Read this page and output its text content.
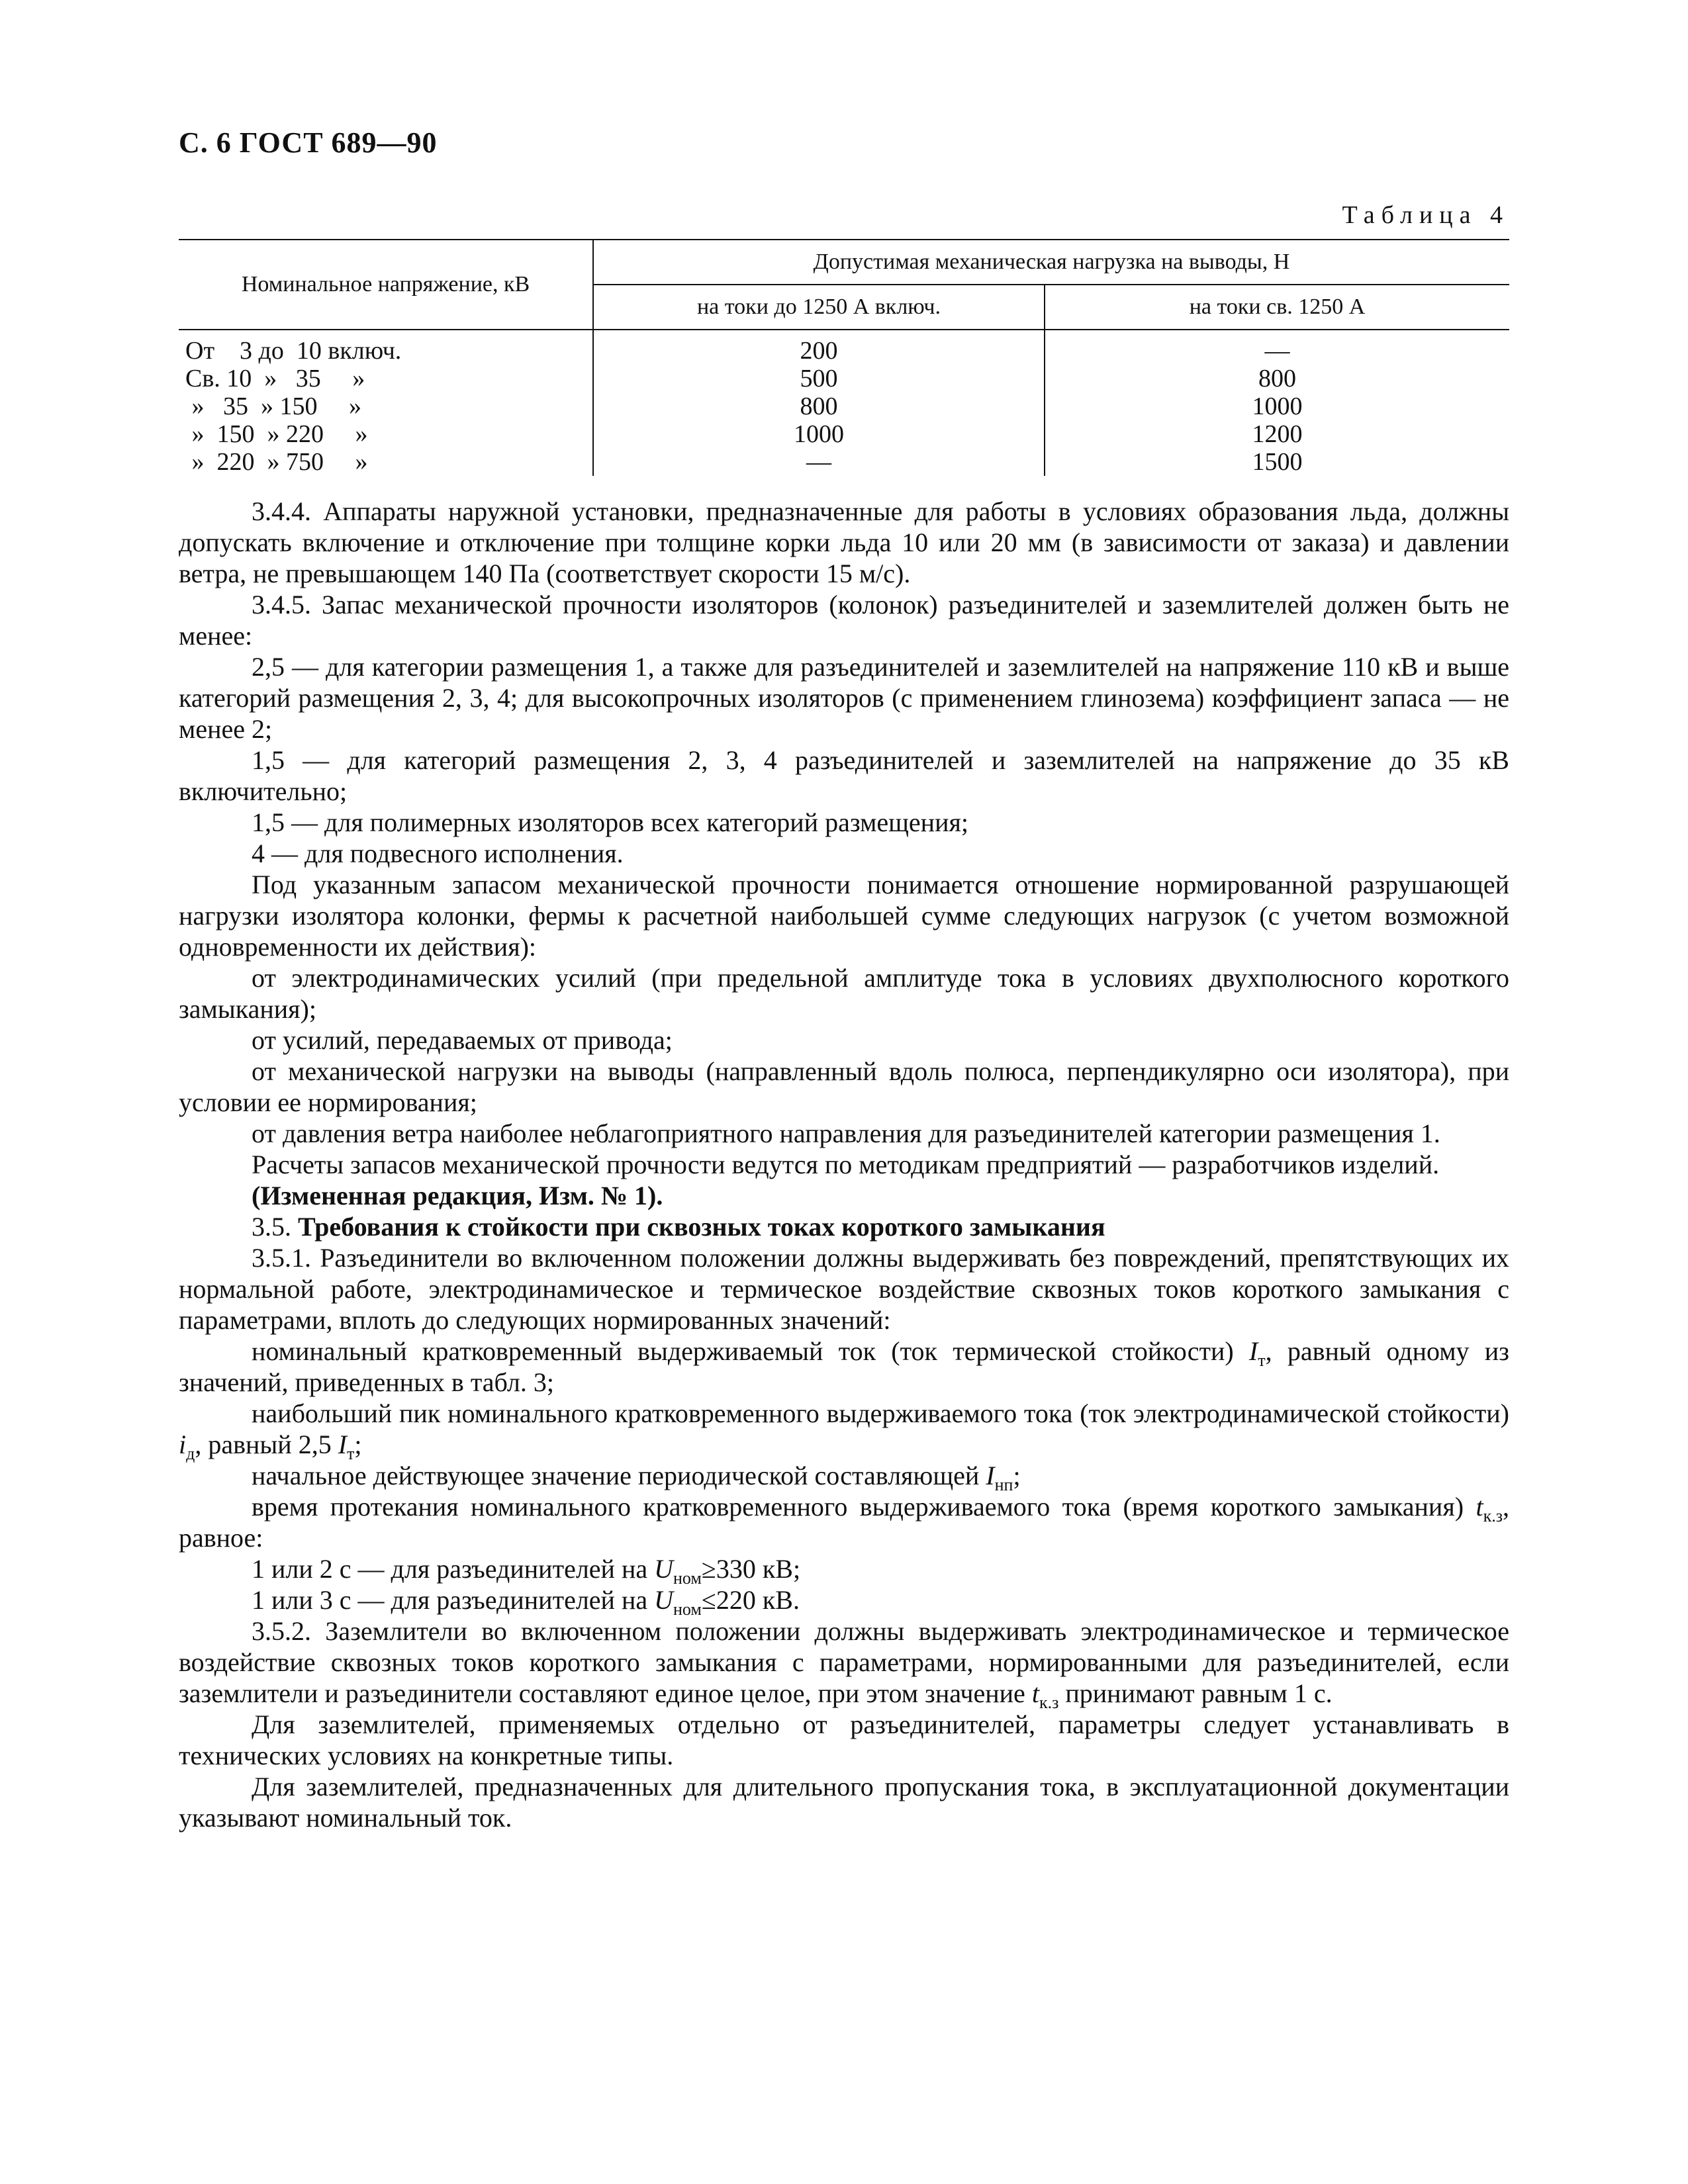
С. 6 ГОСТ 689—90
Таблица 4
Номинальное напряжение, кВ	Допустимая механическая нагрузка на выводы, Н	
	на токи до 1250 А включ.	на токи св. 1250 А
От    3 до  10 включ.	200	—
Св. 10  »   35     »	500	800
»   35  » 150     »	800	1000
»  150  » 220     »	1000	1200
»  220  » 750     »	—	1500

3.4.4. Аппараты наружной установки, предназначенные для работы в условиях образования льда, должны допускать включение и отключение при толщине корки льда 10 или 20 мм (в зависимости от заказа) и давлении ветра, не превышающем 140 Па (соответствует скорости 15 м/с).

3.4.5. Запас механической прочности изоляторов (колонок) разъединителей и заземлителей должен быть не менее:

2,5 — для категории размещения 1, а также для разъединителей и заземлителей на напряжение 110 кВ и выше категорий размещения 2, 3, 4; для высокопрочных изоляторов (с применением глинозема) коэффициент запаса — не менее 2;

1,5 — для категорий размещения 2, 3, 4 разъединителей и заземлителей на напряжение до 35 кВ включительно;

1,5 — для полимерных изоляторов всех категорий размещения;

4 — для подвесного исполнения.

Под указанным запасом механической прочности понимается отношение нормированной разрушающей нагрузки изолятора колонки, фермы к расчетной наибольшей сумме следующих нагрузок (с учетом возможной одновременности их действия):

от электродинамических усилий (при предельной амплитуде тока в условиях двухполюсного короткого замыкания);

от усилий, передаваемых от привода;

от механической нагрузки на выводы (направленный вдоль полюса, перпендикулярно оси изолятора), при условии ее нормирования;

от давления ветра наиболее неблагоприятного направления для разъединителей категории размещения 1.

Расчеты запасов механической прочности ведутся по методикам предприятий — разработчиков изделий.

(Измененная редакция, Изм. № 1).

3.5. Требования к стойкости при сквозных токах короткого замыкания

3.5.1. Разъединители во включенном положении должны выдерживать без повреждений, препятствующих их нормальной работе, электродинамическое и термическое воздействие сквозных токов короткого замыкания с параметрами, вплоть до следующих нормированных значений:

номинальный кратковременный выдерживаемый ток (ток термической стойкости) $I_т$, равный одному из значений, приведенных в табл. 3;

наибольший пик номинального кратковременного выдерживаемого тока (ток электродинамической стойкости) $i_д$, равный 2,5 $I_т$;

начальное действующее значение периодической составляющей $I_{нп}$;

время протекания номинального кратковременного выдерживаемого тока (время короткого замыкания) $t_{к.з}$, равное:

1 или 2 с — для разъединителей на $U_{ном}\ge 330$ кВ;

1 или 3 с — для разъединителей на $U_{ном}\le 220$ кВ.

3.5.2. Заземлители во включенном положении должны выдерживать электродинамическое и термическое воздействие сквозных токов короткого замыкания с параметрами, нормированными для разъединителей, если заземлители и разъединители составляют единое целое, при этом значение $t_{к.з}$ принимают равным 1 с.

Для заземлителей, применяемых отдельно от разъединителей, параметры следует устанавливать в технических условиях на конкретные типы.

Для заземлителей, предназначенных для длительного пропускания тока, в эксплуатационной документации указывают номинальный ток.
